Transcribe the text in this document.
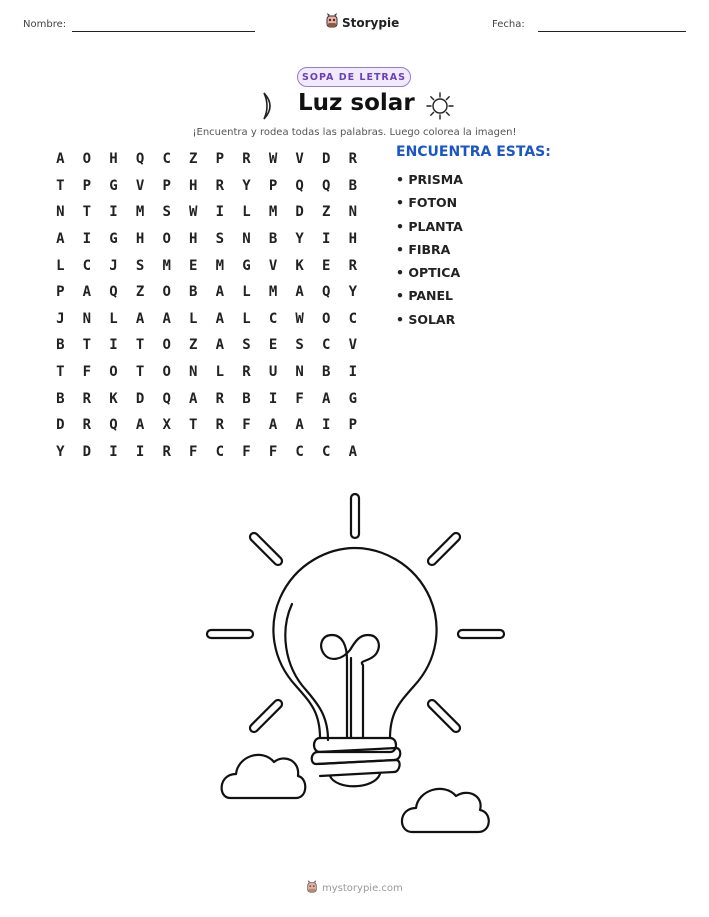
Nombre:	Storypie	Fecha:
SOPA DE LETRAS
Luz solar
¡Encuentra y rodea todas las palabras. Luego colorea la imagen!
A	O	H	Q	C	Z	P	R	W	V	D	R
T	P	G	V	P	H	R	Y	P	Q	Q	B
N	T	I	M	S	W	I	L	M	D	Z	N
A	I	G	H	O	H	S	N	B	Y	I	H
L	C	J	S	M	E	M	G	V	K	E	R
P	A	Q	Z	O	B	A	L	M	A	Q	Y
J	N	L	A	A	L	A	L	C	W	O	C
B	T	I	T	O	Z	A	S	E	S	C	V
T	F	O	T	O	N	L	R	U	N	B	I
B	R	K	D	Q	A	R	B	I	F	A	G
D	R	Q	A	X	T	R	F	A	A	I	P
Y	D	I	I	R	F	C	F	F	C	C	A
ENCUENTRA ESTAS:
• PRISMA
• FOTON
• PLANTA
• FIBRA
• OPTICA
• PANEL
• SOLAR
mystorypie.com
